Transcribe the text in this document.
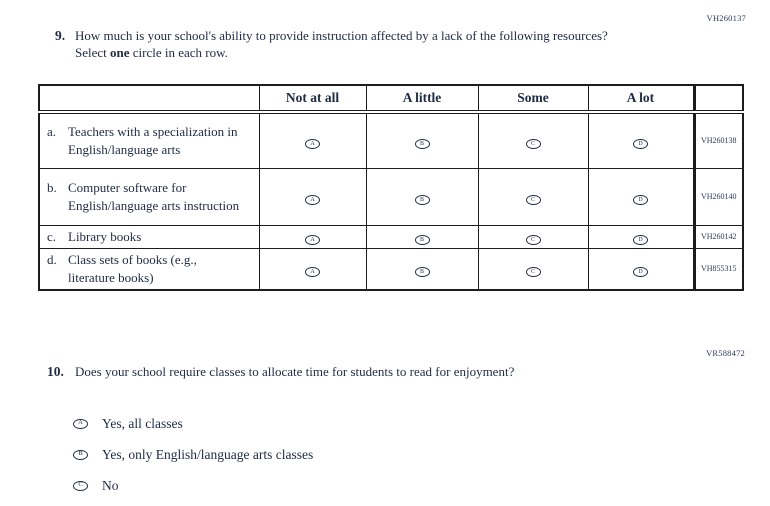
VH260137
9. How much is your school's ability to provide instruction affected by a lack of the following resources? Select one circle in each row.
	Not at all	A little	Some	A lot	

a. Teachers with a specialization in English/language arts	A	B	C	D	VH260138

b. Computer software for English/language arts instruction	A	B	C	D	VH260140

c. Library books	A	B	C	D	VH260142

d. Class sets of books (e.g., literature books)	A	B	C	D	VH855315
VR588472
10. Does your school require classes to allocate time for students to read for enjoyment?
A	Yes, all classes
B	Yes, only English/language arts classes
C	No
